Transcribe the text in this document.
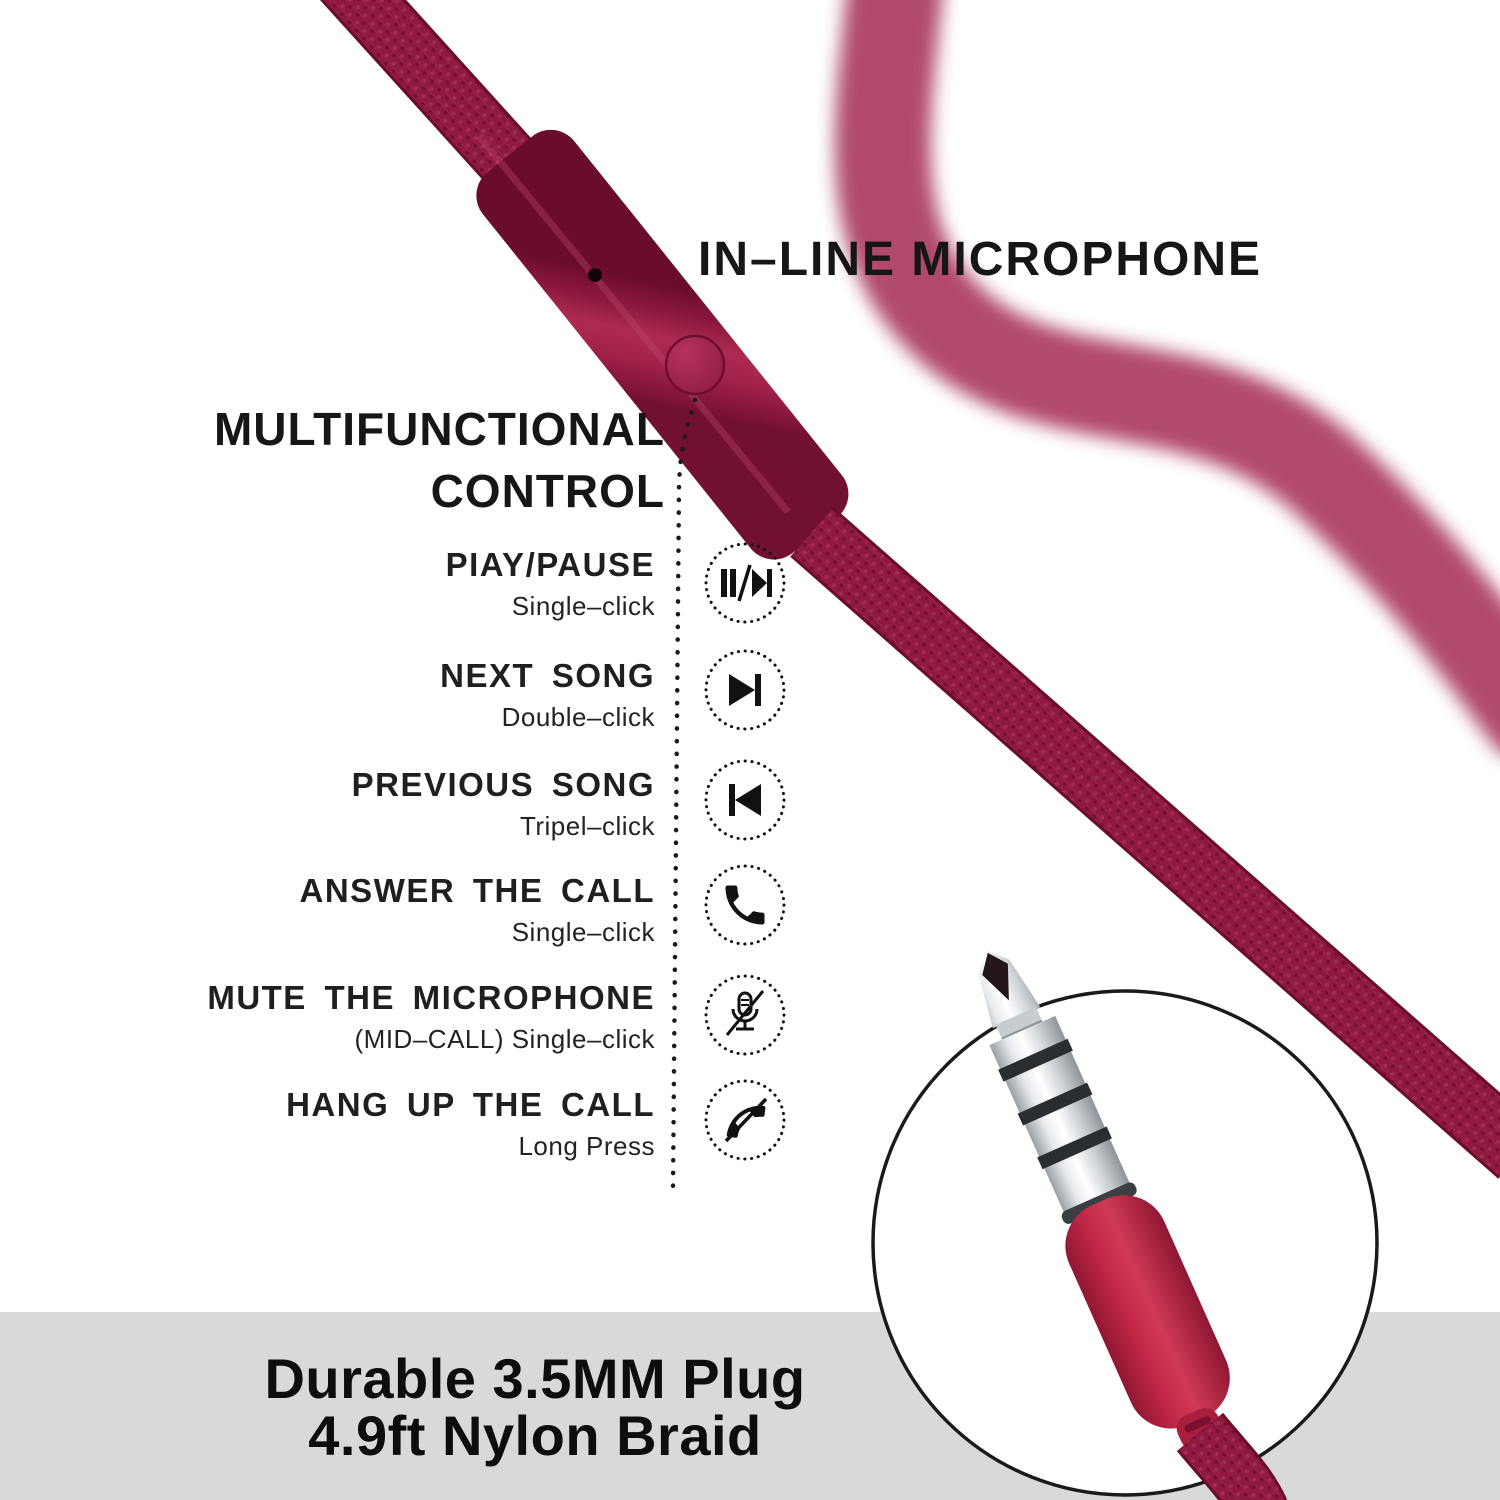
IN–LINE MICROPHONE
MULTIFUNCTIONAL
CONTROL
PIAY/PAUSE
Single–click
NEXT SONG
Double–click
PREVIOUS SONG
Tripel–click
ANSWER THE CALL
Single–click
MUTE THE MICROPHONE
(MID–CALL) Single–click
HANG UP THE CALL
Long Press
Durable 3.5MM Plug
4.9ft Nylon Braid
